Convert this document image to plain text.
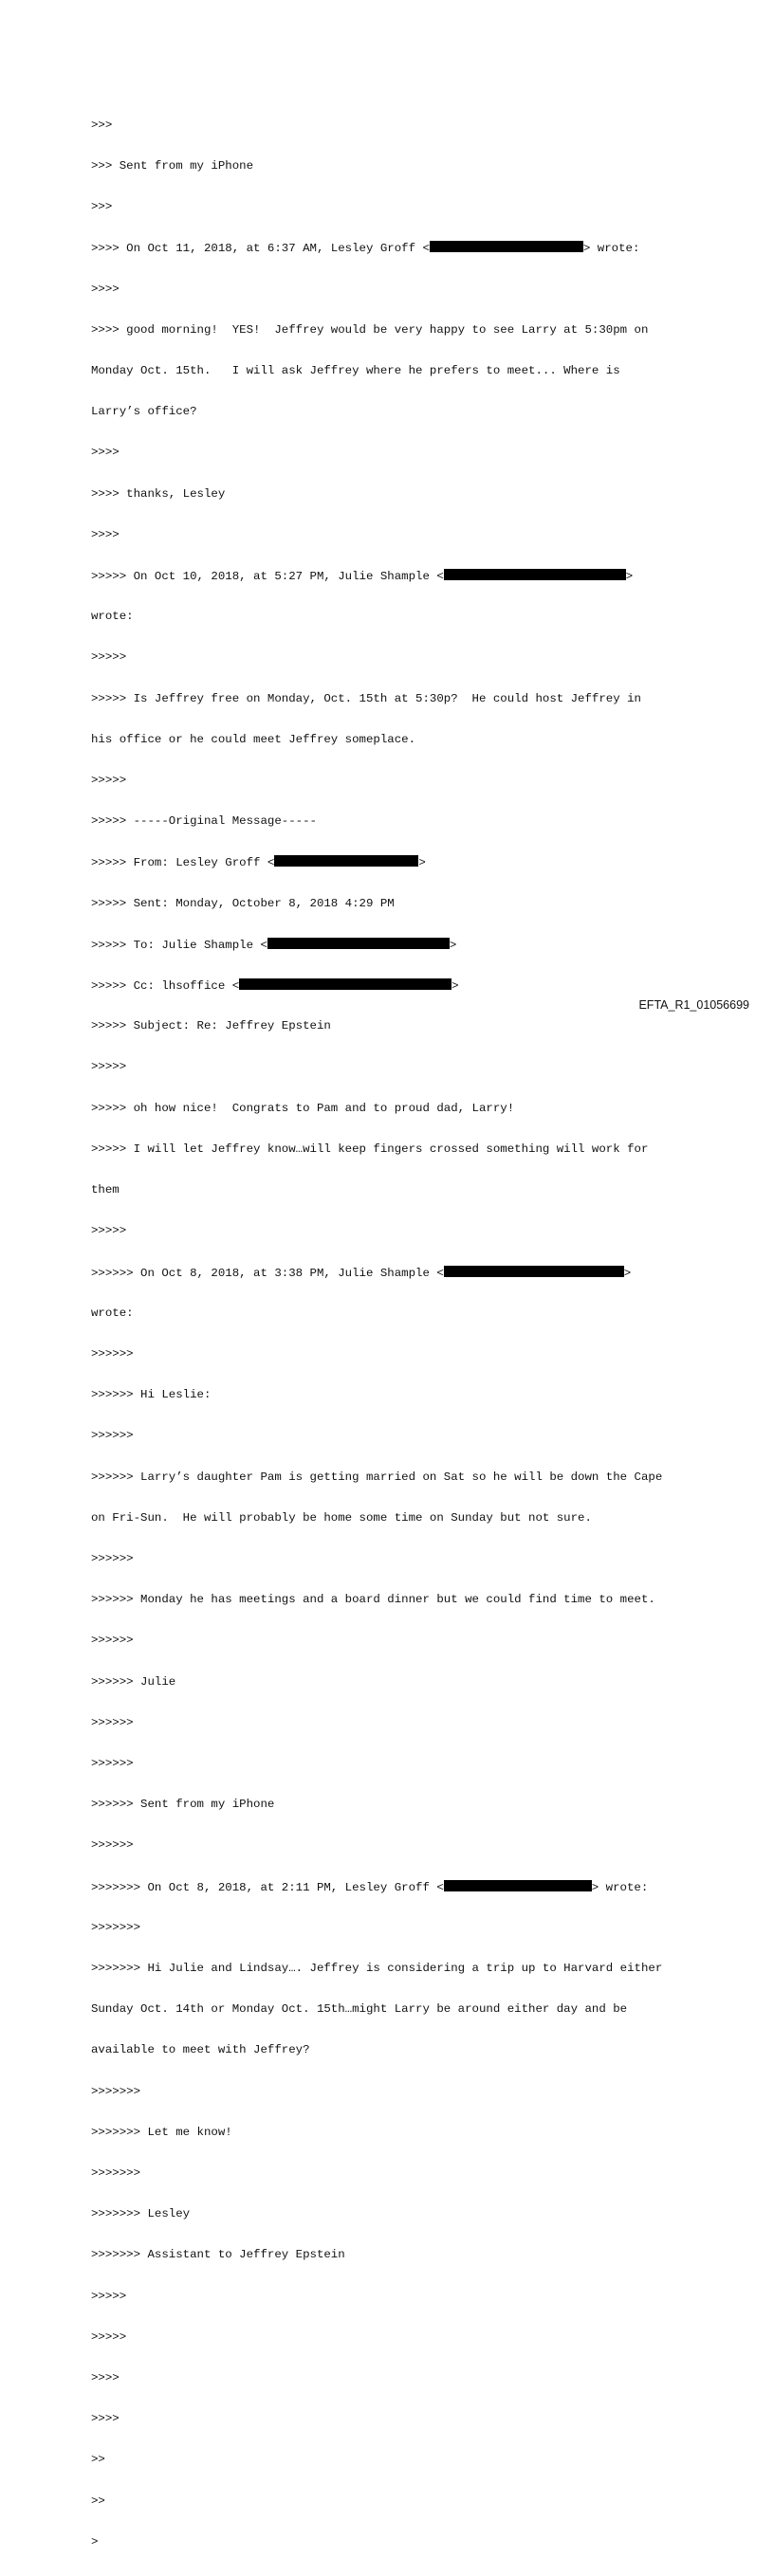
>>>

>>> Sent from my iPhone

>>>

>>>> On Oct 11, 2018, at 6:37 AM, Lesley Groff <	> wrote:

>>>>

>>>> good morning!  YES!  Jeffrey would be very happy to see Larry at 5:30pm on

Monday Oct. 15th.   I will ask Jeffrey where he prefers to meet... Where is

Larry’s office?

>>>>

>>>> thanks, Lesley

>>>>

>>>>> On Oct 10, 2018, at 5:27 PM, Julie Shample <	>

wrote:

>>>>>

>>>>> Is Jeffrey free on Monday, Oct. 15th at 5:30p?  He could host Jeffrey in

his office or he could meet Jeffrey someplace.

>>>>>

>>>>> -----Original Message-----

>>>>> From: Lesley Groff <	>

>>>>> Sent: Monday, October 8, 2018 4:29 PM

>>>>> To: Julie Shample <	>

>>>>> Cc: lhsoffice <	>

>>>>> Subject: Re: Jeffrey Epstein

>>>>>

>>>>> oh how nice!  Congrats to Pam and to proud dad, Larry!

>>>>> I will let Jeffrey know…will keep fingers crossed something will work for

them

>>>>>

>>>>>> On Oct 8, 2018, at 3:38 PM, Julie Shample <	>

wrote:

>>>>>>

>>>>>> Hi Leslie:

>>>>>>

>>>>>> Larry’s daughter Pam is getting married on Sat so he will be down the Cape

on Fri-Sun.  He will probably be home some time on Sunday but not sure.

>>>>>>

>>>>>> Monday he has meetings and a board dinner but we could find time to meet.

>>>>>>

>>>>>> Julie

>>>>>>

>>>>>>

>>>>>> Sent from my iPhone

>>>>>>

>>>>>>> On Oct 8, 2018, at 2:11 PM, Lesley Groff <	> wrote:

>>>>>>>

>>>>>>> Hi Julie and Lindsay…. Jeffrey is considering a trip up to Harvard either

Sunday Oct. 14th or Monday Oct. 15th…might Larry be around either day and be

available to meet with Jeffrey?

>>>>>>>

>>>>>>> Let me know!

>>>>>>>

>>>>>>> Lesley

>>>>>>> Assistant to Jeffrey Epstein

>>>>>

>>>>>

>>>>

>>>>

>>

>>

>

EFTA_R1_01056699
